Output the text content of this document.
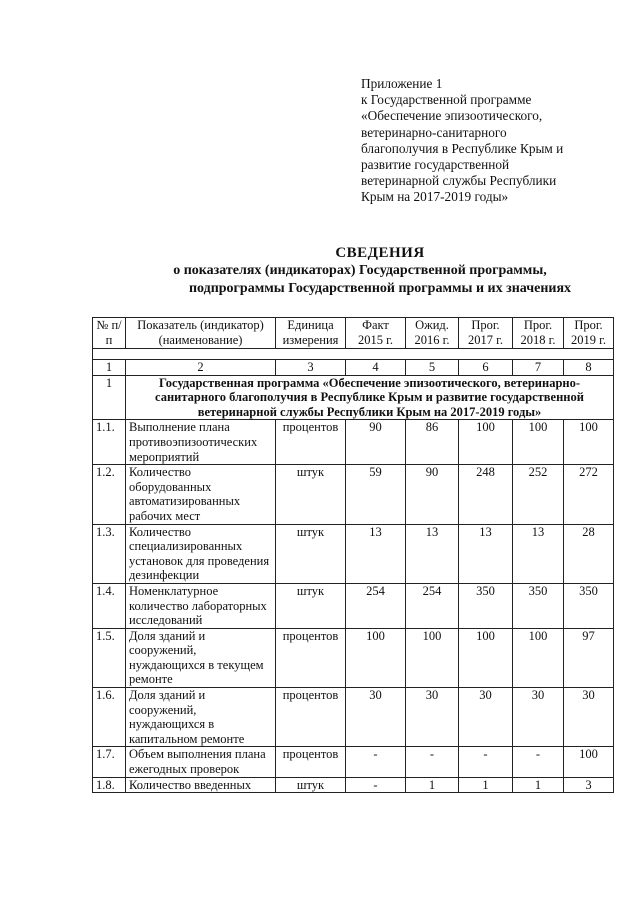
Приложение 1
к Государственной программе
«Обеспечение эпизоотического,
ветеринарно-санитарного
благополучия в Республике Крым и
развитие государственной
ветеринарной службы Республики
Крым на 2017-2019 годы»
СВЕДЕНИЯ
о показателях (индикаторах) Государственной программы,
подпрограммы Государственной программы и их значениях
№ п/п	Показатель (индикатор) (наименование)	Единица измерения	Факт 2015 г.	Ожид. 2016 г.	Прог. 2017 г.	Прог. 2018 г.	Прог. 2019 г.

1	2	3	4	5	6	7	8
1	Государственная программа «Обеспечение эпизоотического, ветеринарно-санитарного благополучия в Республике Крым и развитие государственной ветеринарной службы Республики Крым на 2017-2019 годы»						
1.1.	Выполнение плана противоэпизоотических мероприятий	процентов	90	86	100	100	100
1.2.	Количество оборудованных автоматизированных рабочих мест	штук	59	90	248	252	272
1.3.	Количество специализированных установок для проведения дезинфекции	штук	13	13	13	13	28
1.4.	Номенклатурное количество лабораторных исследований	штук	254	254	350	350	350
1.5.	Доля зданий и сооружений, нуждающихся в текущем ремонте	процентов	100	100	100	100	97
1.6.	Доля зданий и сооружений, нуждающихся в капитальном ремонте	процентов	30	30	30	30	30
1.7.	Объем выполнения плана ежегодных проверок	процентов	-	-	-	-	100
1.8.	Количество введенных	штук	-	1	1	1	3
